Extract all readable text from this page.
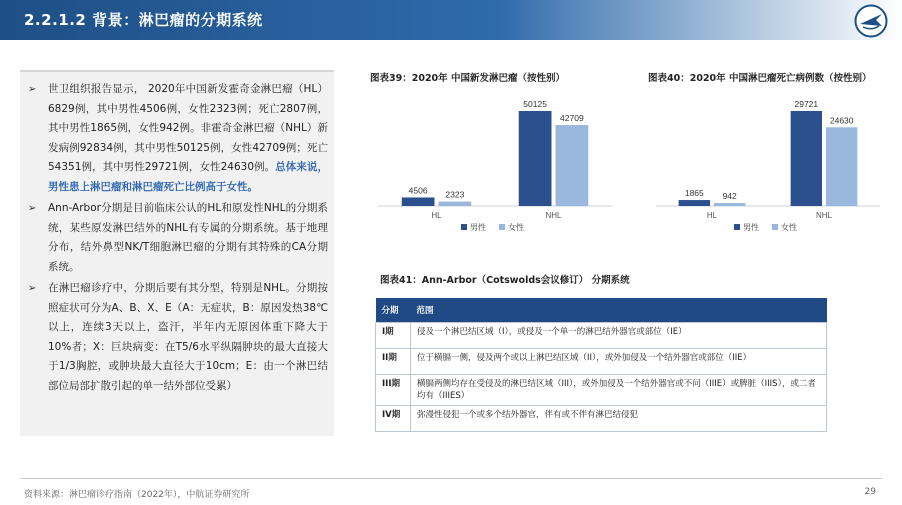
2.2.1.2 背景：淋巴瘤的分期系统
➢ 世卫组织报告显示， 2020年中国新发霍奇金淋巴瘤（HL）6829例，其中男性4506例，女性2323例；死亡2807例，其中男性1865例，女性942例。非霍奇金淋巴瘤（NHL）新发病例92834例，其中男性50125例，女性42709例；死亡54351例，其中男性29721例，女性24630例。总体来说，男性患上淋巴瘤和淋巴瘤死亡比例高于女性。
➢ Ann-Arbor分期是目前临床公认的HL和原发性NHL的分期系统，某些原发淋巴结外的NHL有专属的分期系统。基于地理分布，结外鼻型NK/T细胞淋巴瘤的分期有其特殊的CA分期系统。
➢ 在淋巴瘤诊疗中，分期后要有其分型，特别是NHL。分期按照症状可分为A、B、X、E（A：无症状，B：原因发热38℃以上，连续3天以上，盗汗，半年内无原因体重下降大于10%者；X：巨块病变：在T5/6水平纵隔肿块的最大直接大于1/3胸腔，或肿块最大直径大于10cm；E：由一个淋巴结部位局部扩散引起的单一结外部位受累）
图表39：2020年 中国新发淋巴瘤（按性别）
4506 2323
HL
50125
42709
NHL
男性	女性
图表40：2020年 中国淋巴瘤死亡病例数（按性别）
1865 942
HL
29721
24630
NHL
男性	女性
图表41：Ann-Arbor（Cotswolds会议修订） 分期系统
分期	范围
I期	侵及一个淋巴结区域（I），或侵及一个单一的淋巴结外器官或部位（IE）
II期	位于横膈一侧，侵及两个或以上淋巴结区域（II），或外加侵及一个结外器官或部位（IIE）
III期	横膈两侧均存在受侵及的淋巴结区域（III），或外加侵及一个结外器官或不问（IIIE）或脾脏（IIIS），或二者均有（IIIES）
IV期	弥漫性侵犯一个或多个结外器官，伴有或不伴有淋巴结侵犯
资料来源：淋巴瘤诊疗指南（2022年），中航证券研究所	29
